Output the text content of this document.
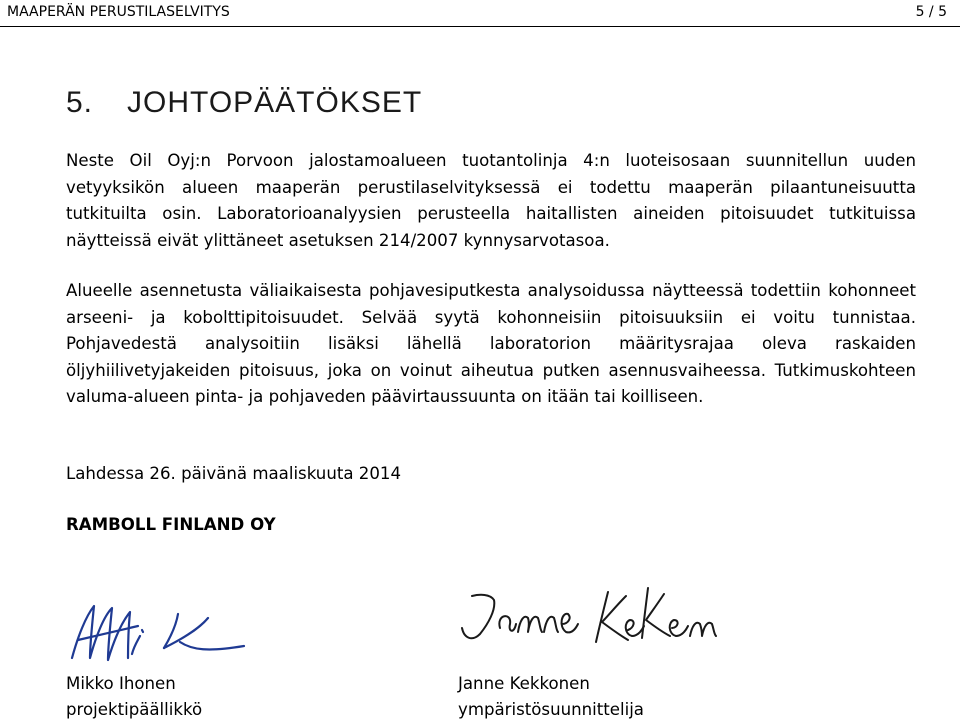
MAAPERÄN PERUSTILASELVITYS	5 / 5
5. JOHTOPÄÄTÖKSET

Neste Oil Oyj:n Porvoon jalostamoalueen tuotantolinja 4:n luoteisosaan suunnitellun uuden vetyyksikön alueen maaperän perustilaselvityksessä ei todettu maaperän pilaantuneisuutta tutkituilta osin. Laboratorioanalyysien perusteella haitallisten aineiden pitoisuudet tutkituissa näytteissä eivät ylittäneet asetuksen 214/2007 kynnysarvotasoa.

Alueelle asennetusta väliaikaisesta pohjavesiputkesta analysoidussa näytteessä todettiin kohonneet arseeni- ja kobolttipitoisuudet. Selvää syytä kohonneisiin pitoisuuksiin ei voitu tunnistaa. Pohjavedestä analysoitiin lisäksi lähellä laboratorion määritysrajaa oleva raskaiden öljyhiilivetyjakeiden pitoisuus, joka on voinut aiheutua putken asennusvaiheessa. Tutkimuskohteen valuma-alueen pinta- ja pohjaveden päävirtaussuunta on itään tai koilliseen.

Lahdessa 26. päivänä maaliskuuta 2014

RAMBOLL FINLAND OY

Mikko Ihonen
projektipäällikkö
Janne Kekkonen
ympäristösuunnittelija
